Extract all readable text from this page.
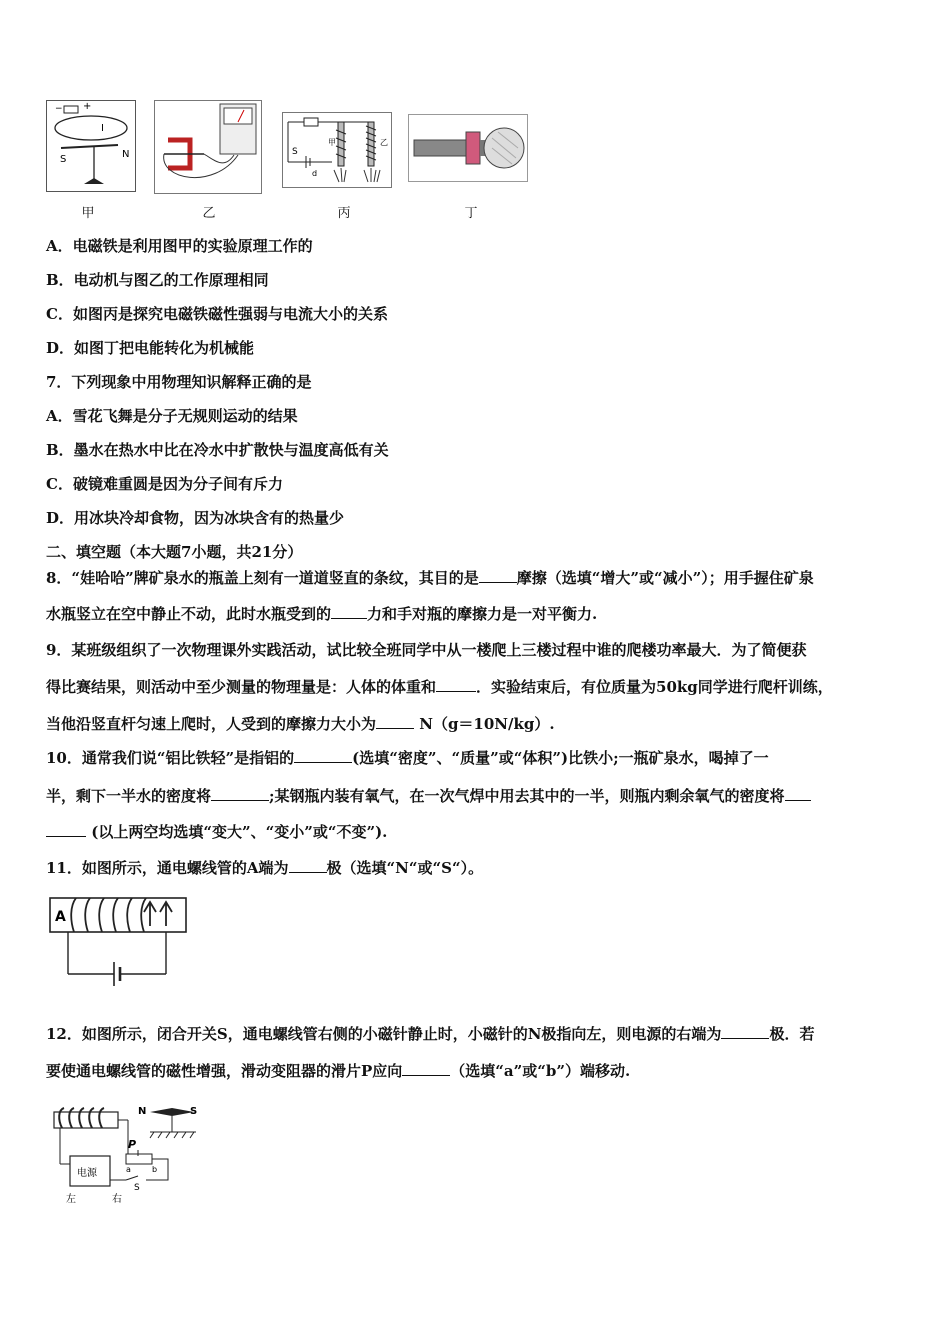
− +
I
S	N	S
甲	乙
d
甲	乙	丙	丁
A．电磁铁是利用图甲的实验原理工作的
B．电动机与图乙的工作原理相同
C．如图丙是探究电磁铁磁性强弱与电流大小的关系
D．如图丁把电能转化为机械能
7．下列现象中用物理知识解释正确的是
A．雪花飞舞是分子无规则运动的结果
B．墨水在热水中比在冷水中扩散快与温度高低有关
C．破镜难重圆是因为分子间有斥力
D．用冰块冷却食物，因为冰块含有的热量少
二、填空题（本大题7小题，共21分）
8．“娃哈哈”牌矿泉水的瓶盖上刻有一道道竖直的条纹，其目的是	摩擦（选填“增大”或“减小”）；用手握住矿泉
水瓶竖立在空中静止不动，此时水瓶受到的 力和手对瓶的摩擦力是一对平衡力.
9．某班级组织了一次物理课外实践活动，试比较全班同学中从一楼爬上三楼过程中谁的爬楼功率最大．为了简便获
得比赛结果，则活动中至少测量的物理量是：人体的体重和	．实验结束后，有位质量为50kg同学进行爬杆训练，
当他沿竖直杆匀速上爬时，人受到的摩擦力大小为	N（g＝10N/kg）.
10．通常我们说“铝比铁轻”是指铝的	(选填“密度”、“质量”或“体积”)比铁小;一瓶矿泉水，喝掉了一
半，剩下一半水的密度将	;某钢瓶内装有氧气，在一次气焊中用去其中的一半，则瓶内剩余氧气的密度将
(以上两空均选填“变大”、“变小”或“不变”).
11．如图所示，通电螺线管的A端为	极（选填“N“或“S“）。
A
12．如图所示，闭合开关S，通电螺线管右侧的小磁针静止时，小磁针的N极指向左，则电源的右端为	极．若
要使通电螺线管的磁性增强，滑动变阻器的滑片P应向	（选填“a”或“b”）端移动.
N	S
P
a	b
S
电源
左	右
